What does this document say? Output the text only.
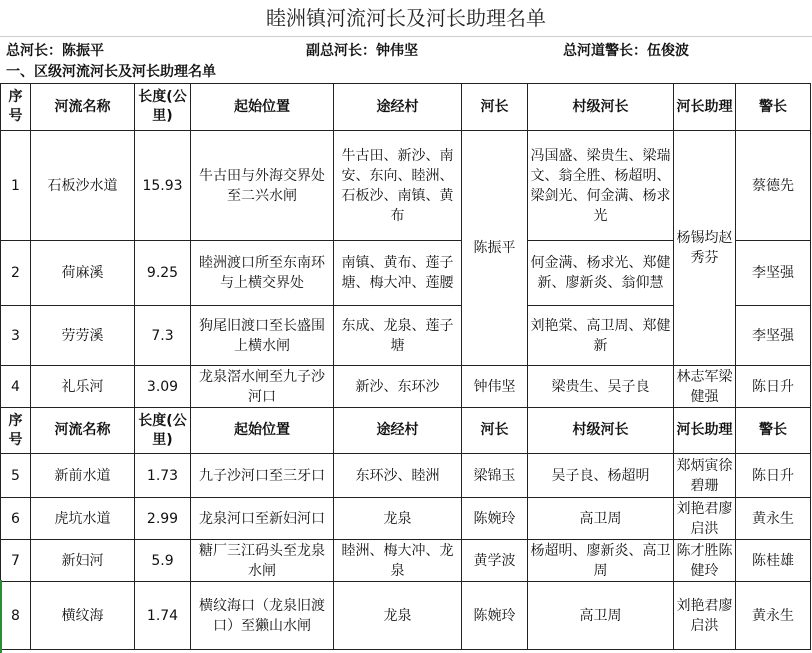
睦洲镇河流河长及河长助理名单
总河长：陈振平	副总河长：钟伟坚	总河道警长：伍俊波
一、区级河流河长及河长助理名单
序号	河流名称	长度(公里)	起始位置	途经村	河长	村级河长	河长助理	警长
1	石板沙水道	15.93	牛古田与外海交界处至二兴水闸	牛古田、新沙、南安、东向、睦洲、石板沙、南镇、黄布	陈振平	冯国盛、梁贵生、梁瑞文、翁全胜、杨超明、梁剑光、何金满、杨求光	杨锡均赵秀芬	蔡德先
2	荷麻溪	9.25	睦洲渡口所至东南环与上横交界处	南镇、黄布、莲子塘、梅大冲、莲腰		何金满、杨求光、郑健新、廖新炎、翁仰慧		李坚强
3	劳劳溪	7.3	狗尾旧渡口至长盛围上横水闸	东成、龙泉、莲子塘		刘艳棠、高卫周、郑健新		李坚强
4	礼乐河	3.09	龙泉滘水闸至九子沙河口	新沙、东环沙	钟伟坚	梁贵生、吴子良	林志军梁健强	陈日升
序号	河流名称	长度(公里)	起始位置	途经村	河长	村级河长	河长助理	警长
5	新前水道	1.73	九子沙河口至三牙口	东环沙、睦洲	梁锦玉	吴子良、杨超明	郑炳寅徐碧珊	陈日升
6	虎坑水道	2.99	龙泉河口至新妇河口	龙泉	陈婉玲	高卫周	刘艳君廖启洪	黄永生
7	新妇河	5.9	糖厂三江码头至龙泉水闸	睦洲、梅大冲、龙泉	黄学波	杨超明、廖新炎、高卫周	陈才胜陈健玲	陈桂雄
8	横纹海	1.74	横纹海口（龙泉旧渡口）至獭山水闸	龙泉	陈婉玲	高卫周	刘艳君廖启洪	黄永生
